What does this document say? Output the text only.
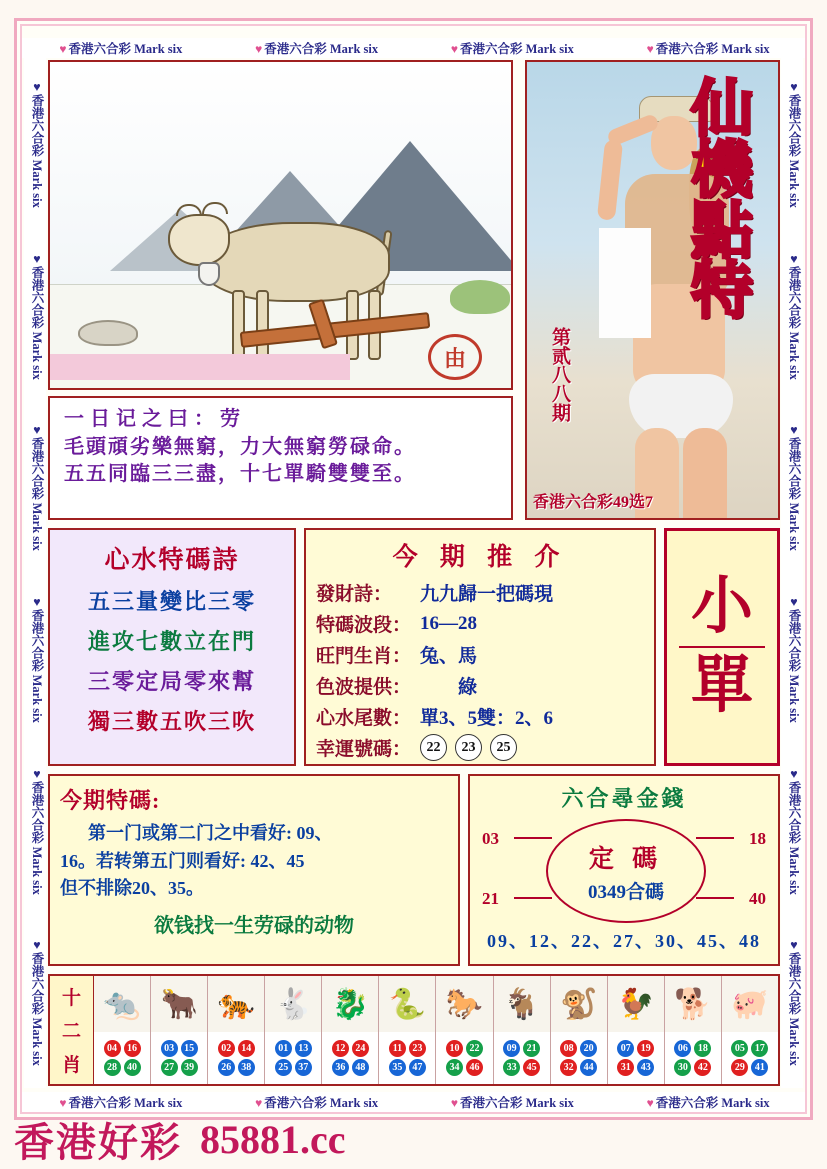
♥ 香港六合彩 Mark six	♥ 香港六合彩 Mark six	♥ 香港六合彩 Mark six	♥ 香港六合彩 Mark six
♥ 香港六合彩 Mark six	♥ 香港六合彩 Mark six	♥ 香港六合彩 Mark six	♥ 香港六合彩 Mark six
♥香港六合彩 Mark six
♥香港六合彩 Mark six
♥香港六合彩 Mark six
♥香港六合彩 Mark six
♥香港六合彩 Mark six
♥香港六合彩 Mark six
♥香港六合彩 Mark six
♥香港六合彩 Mark six
♥香港六合彩 Mark six
♥香港六合彩 Mark six
♥香港六合彩 Mark six
♥香港六合彩 Mark six
由
一日记之曰：劳
毛頭頑劣樂無窮，力大無窮勞碌命。
五五同臨三三盡，十七單騎雙雙至。
仙
機
點
特
第贰八八期
香港六合彩49选7
心水特碼詩
五三量變比三零
進攻七數立在門
三零定局零來幫
獨三數五吹三吹
今 期 推 介
發財詩：	九九歸一把碼現
特碼波段： 16—28
旺門生肖： 兔、馬
色波提供： 　　綠
心水尾數： 單3、5雙：2、6
幸運號碼：	22	23	25
小
單
今期特碼:

第一门或第二门之中看好: 09、

16。若转第五门则看好: 42、45

但不排除20、35。

欲钱找一生劳碌的动物

六合尋金錢
03	18
21	40
定 碼
0349合碼
09、12、22、27、30、45、48
十
二
肖
🐀
04	16
28	40
🐂
03	15
27	39
🐅
02	14
26	38
🐇
01	13
25	37
🐉
12	24
36	48
🐍
11	23
35	47
🐎
10	22
34	46
🐐
09	21
33	45
🐒
08	20
32	44
🐓
07	19
31	43
🐕
06	18
30	42
🐖
05	17
29	41
香港好彩 85881.cc
